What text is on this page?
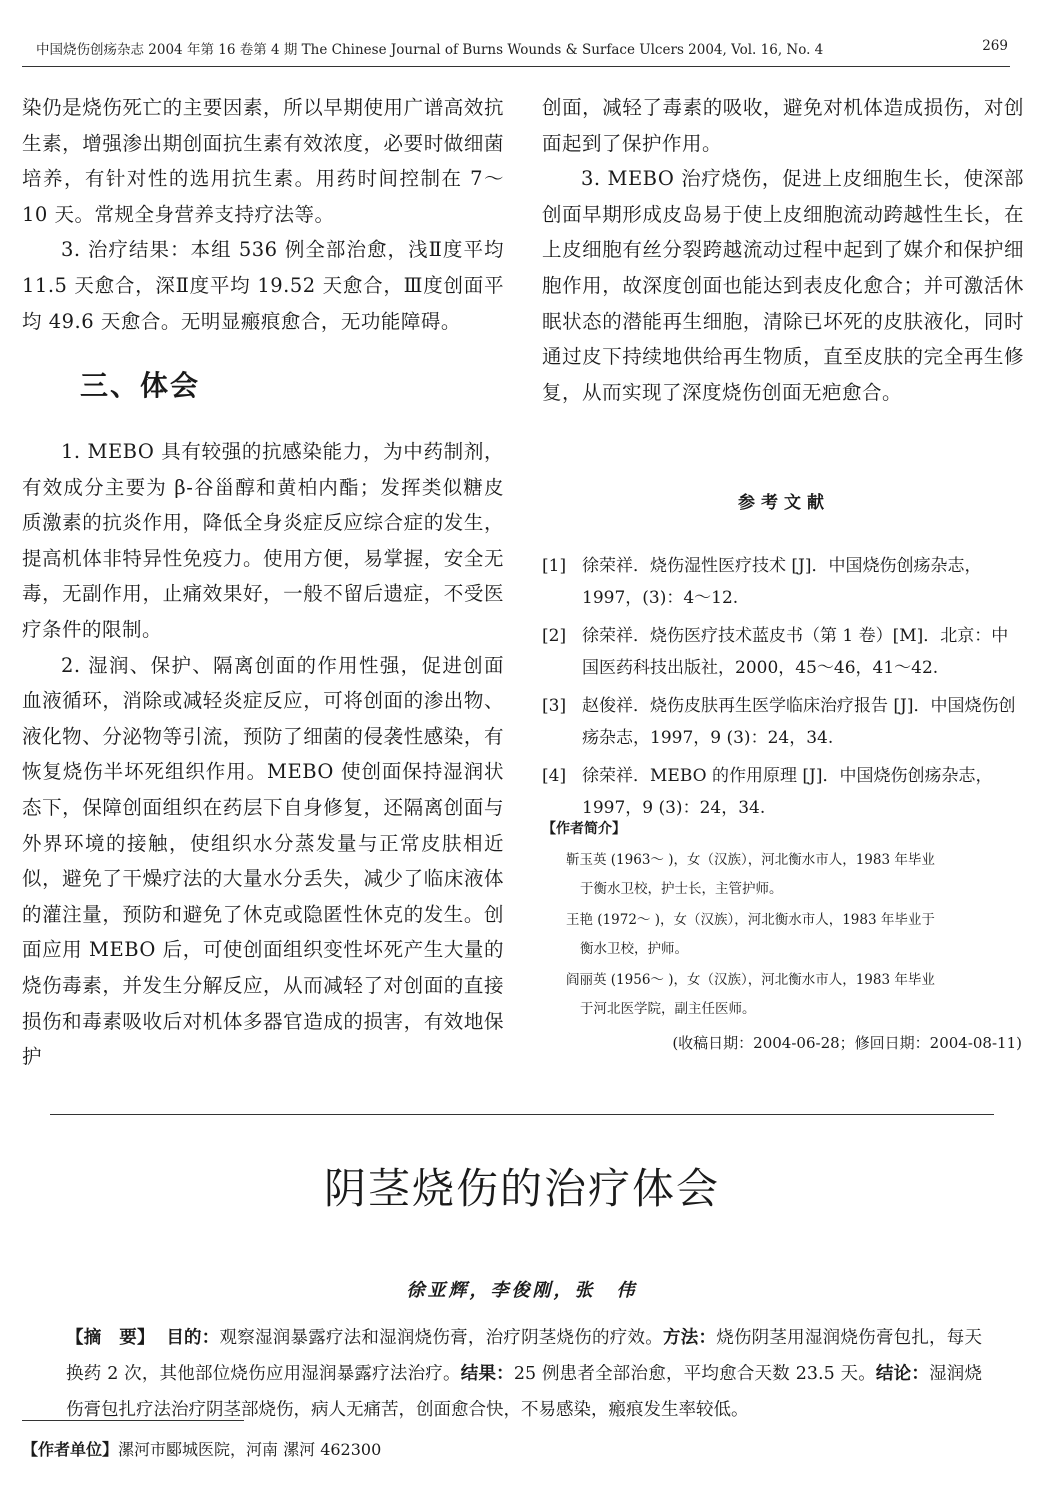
中国烧伤创疡杂志 2004 年第 16 卷第 4 期 The Chinese Journal of Burns Wounds & Surface Ulcers 2004, Vol. 16, No. 4	269

染仍是烧伤死亡的主要因素，所以早期使用广谱高效抗生素，增强渗出期创面抗生素有效浓度，必要时做细菌培养，有针对性的选用抗生素。用药时间控制在 7～10 天。常规全身营养支持疗法等。

3. 治疗结果：本组 536 例全部治愈，浅Ⅱ度平均 11.5 天愈合，深Ⅱ度平均 19.52 天愈合，Ⅲ度创面平均 49.6 天愈合。无明显瘢痕愈合，无功能障碍。

三、体会

1. MEBO 具有较强的抗感染能力，为中药制剂，有效成分主要为 β-谷甾醇和黄柏内酯；发挥类似糖皮质激素的抗炎作用，降低全身炎症反应综合症的发生，提高机体非特异性免疫力。使用方便，易掌握，安全无毒，无副作用，止痛效果好，一般不留后遗症，不受医疗条件的限制。

2. 湿润、保护、隔离创面的作用性强，促进创面血液循环，消除或减轻炎症反应，可将创面的渗出物、液化物、分泌物等引流，预防了细菌的侵袭性感染，有恢复烧伤半坏死组织作用。MEBO 使创面保持湿润状态下，保障创面组织在药层下自身修复，还隔离创面与外界环境的接触，使组织水分蒸发量与正常皮肤相近似，避免了干燥疗法的大量水分丢失，减少了临床液体的灌注量，预防和避免了休克或隐匿性休克的发生。创面应用 MEBO 后，可使创面组织变性坏死产生大量的烧伤毒素，并发生分解反应，从而减轻了对创面的直接损伤和毒素吸收后对机体多器官造成的损害，有效地保护

创面，减轻了毒素的吸收，避免对机体造成损伤，对创面起到了保护作用。

3. MEBO 治疗烧伤，促进上皮细胞生长，使深部创面早期形成皮岛易于使上皮细胞流动跨越性生长，在上皮细胞有丝分裂跨越流动过程中起到了媒介和保护细胞作用，故深度创面也能达到表皮化愈合；并可激活休眠状态的潜能再生细胞，清除已坏死的皮肤液化，同时通过皮下持续地供给再生物质，直至皮肤的完全再生修复，从而实现了深度烧伤创面无疤愈合。

参考文献
[1] 徐荣祥．烧伤湿性医疗技术 [J]．中国烧伤创疡杂志，1997，(3)：4～12.
[2] 徐荣祥．烧伤医疗技术蓝皮书（第 1 卷）[M]．北京：中国医药科技出版社，2000，45～46，41～42.
[3] 赵俊祥．烧伤皮肤再生医学临床治疗报告 [J]．中国烧伤创疡杂志，1997，9 (3)：24，34.
[4] 徐荣祥．MEBO 的作用原理 [J]．中国烧伤创疡杂志，1997，9 (3)：24，34.
【作者简介】
靳玉英 (1963～ )，女（汉族），河北衡水市人，1983 年毕业
于衡水卫校，护士长，主管护师。
王艳 (1972～ )，女（汉族），河北衡水市人，1983 年毕业于
衡水卫校，护师。
阎丽英 (1956～ )，女（汉族），河北衡水市人，1983 年毕业
于河北医学院，副主任医师。
(收稿日期：2004-06-28；修回日期：2004-08-11)
阴茎烧伤的治疗体会
徐亚辉，李俊刚，张　伟

【摘　要】 目的：观察湿润暴露疗法和湿润烧伤膏，治疗阴茎烧伤的疗效。方法：烧伤阴茎用湿润烧伤膏包扎，每天换药 2 次，其他部位烧伤应用湿润暴露疗法治疗。结果：25 例患者全部治愈，平均愈合天数 23.5 天。结论：湿润烧伤膏包扎疗法治疗阴茎部烧伤，病人无痛苦，创面愈合快，不易感染，瘢痕发生率较低。

【作者单位】漯河市郾城医院，河南 漯河 462300
